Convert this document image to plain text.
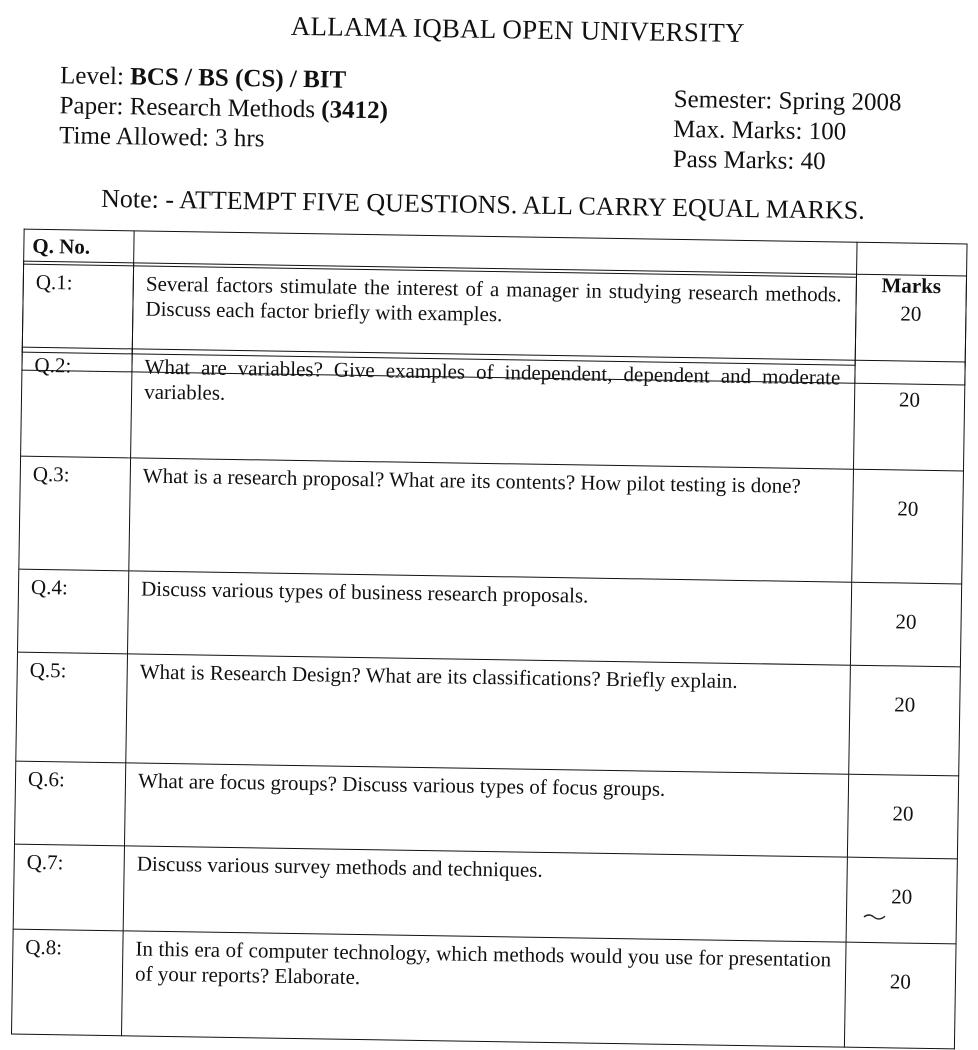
ALLAMA IQBAL OPEN UNIVERSITY
Level: BCS / BS (CS) / BIT
Paper: Research Methods (3412)
Time Allowed: 3 hrs
Semester: Spring 2008
Max. Marks: 100
Pass Marks: 40
Note: - ATTEMPT FIVE QUESTIONS. ALL CARRY EQUAL MARKS.
Q. No.		Marks

Q.1:	Several factors stimulate the interest of a manager in studying research methods. Discuss each factor briefly with examples.		20
Q.2:	What are variables? Give examples of independent, dependent and moderate variables.	20
Q.3:	What is a research proposal? What are its contents? How pilot testing is done?	20
Q.4:	Discuss various types of business research proposals.	20
Q.5:	What is Research Design? What are its classifications? Briefly explain.	20
Q.6:	What are focus groups? Discuss various types of focus groups.	20
Q.7:	Discuss various survey methods and techniques.	20
Q.8:	In this era of computer technology, which methods would you use for presentation of your reports? Elaborate.	20
